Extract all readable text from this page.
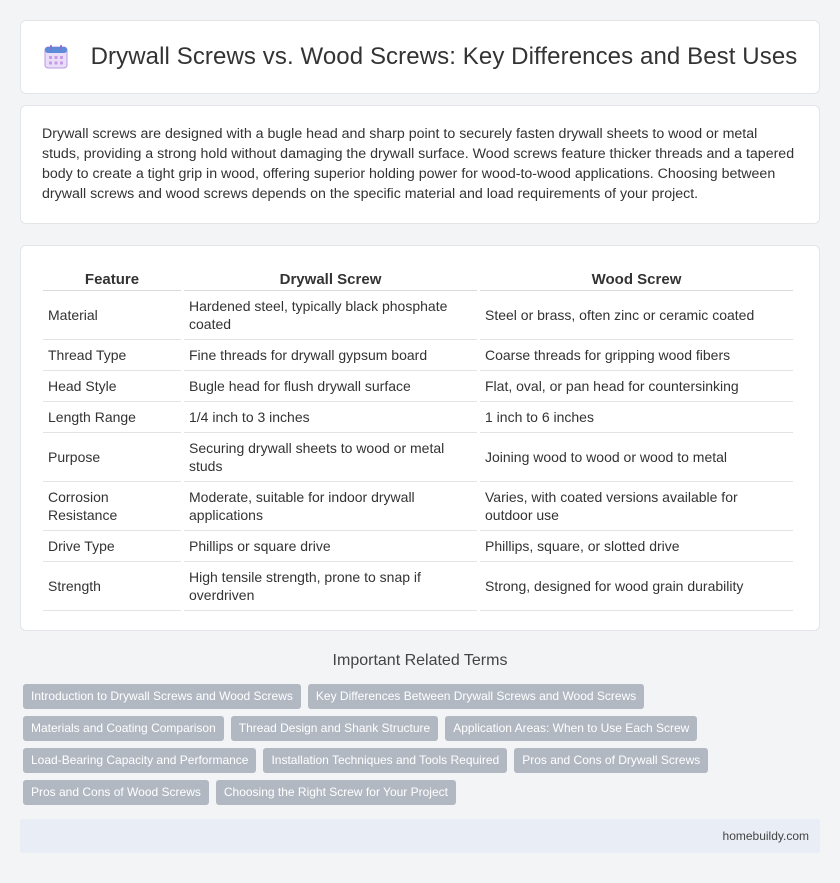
Drywall Screws vs. Wood Screws: Key Differences and Best Uses

Drywall screws are designed with a bugle head and sharp point to securely fasten drywall sheets to wood or metal studs, providing a strong hold without damaging the drywall surface. Wood screws feature thicker threads and a tapered body to create a tight grip in wood, offering superior holding power for wood-to-wood applications. Choosing between drywall screws and wood screws depends on the specific material and load requirements of your project.

Feature	Drywall Screw	Wood Screw
Material	Hardened steel, typically black phosphate coated	Steel or brass, often zinc or ceramic coated
Thread Type	Fine threads for drywall gypsum board	Coarse threads for gripping wood fibers
Head Style	Bugle head for flush drywall surface	Flat, oval, or pan head for countersinking
Length Range	1/4 inch to 3 inches	1 inch to 6 inches
Purpose	Securing drywall sheets to wood or metal studs	Joining wood to wood or wood to metal
Corrosion Resistance	Moderate, suitable for indoor drywall applications	Varies, with coated versions available for outdoor use
Drive Type	Phillips or square drive	Phillips, square, or slotted drive
Strength	High tensile strength, prone to snap if overdriven	Strong, designed for wood grain durability
Important Related Terms
Introduction to Drywall Screws and Wood Screws	Key Differences Between Drywall Screws and Wood Screws
Materials and Coating Comparison	Thread Design and Shank Structure	Application Areas: When to Use Each Screw
Load-Bearing Capacity and Performance	Installation Techniques and Tools Required	Pros and Cons of Drywall Screws
Pros and Cons of Wood Screws	Choosing the Right Screw for Your Project
homebuildy.com
